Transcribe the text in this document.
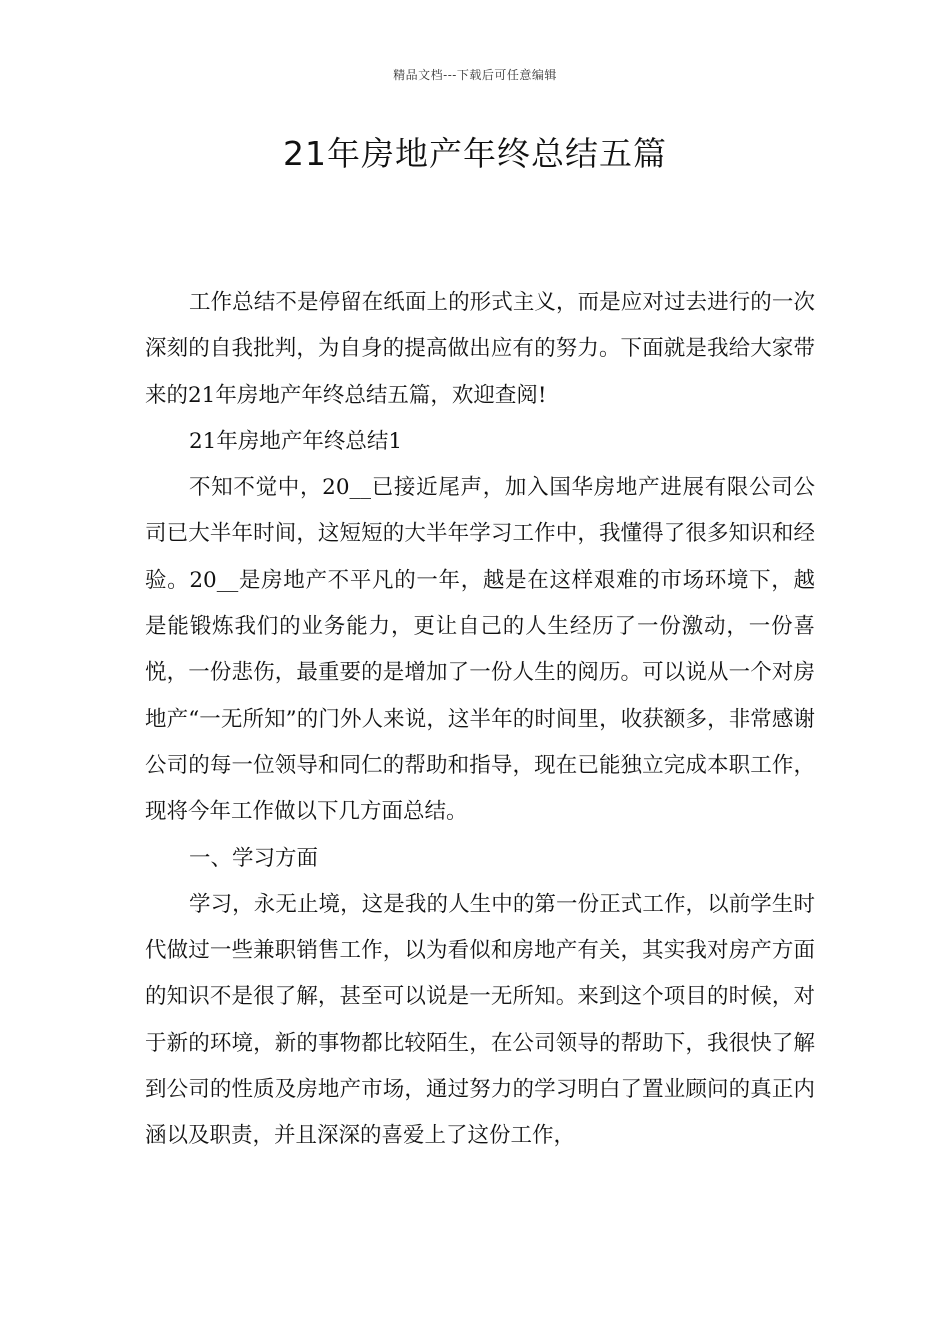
精品文档---下载后可任意编辑
21年房地产年终总结五篇

工作总结不是停留在纸面上的形式主义，而是应对过去进行的一次深刻的自我批判，为自身的提高做出应有的努力。下面就是我给大家带来的21年房地产年终总结五篇，欢迎查阅!

21年房地产年终总结1

不知不觉中，20__已接近尾声，加入国华房地产进展有限公司公司已大半年时间，这短短的大半年学习工作中，我懂得了很多知识和经验。20__是房地产不平凡的一年，越是在这样艰难的市场环境下，越是能锻炼我们的业务能力，更让自己的人生经历了一份激动，一份喜悦，一份悲伤，最重要的是增加了一份人生的阅历。可以说从一个对房地产“一无所知”的门外人来说，这半年的时间里，收获额多，非常感谢公司的每一位领导和同仁的帮助和指导，现在已能独立完成本职工作，现将今年工作做以下几方面总结。

一、学习方面

学习，永无止境，这是我的人生中的第一份正式工作，以前学生时代做过一些兼职销售工作，以为看似和房地产有关，其实我对房产方面的知识不是很了解，甚至可以说是一无所知。来到这个项目的时候，对于新的环境，新的事物都比较陌生，在公司领导的帮助下，我很快了解到公司的性质及房地产市场，通过努力的学习明白了置业顾问的真正内涵以及职责，并且深深的喜爱上了这份工作，
